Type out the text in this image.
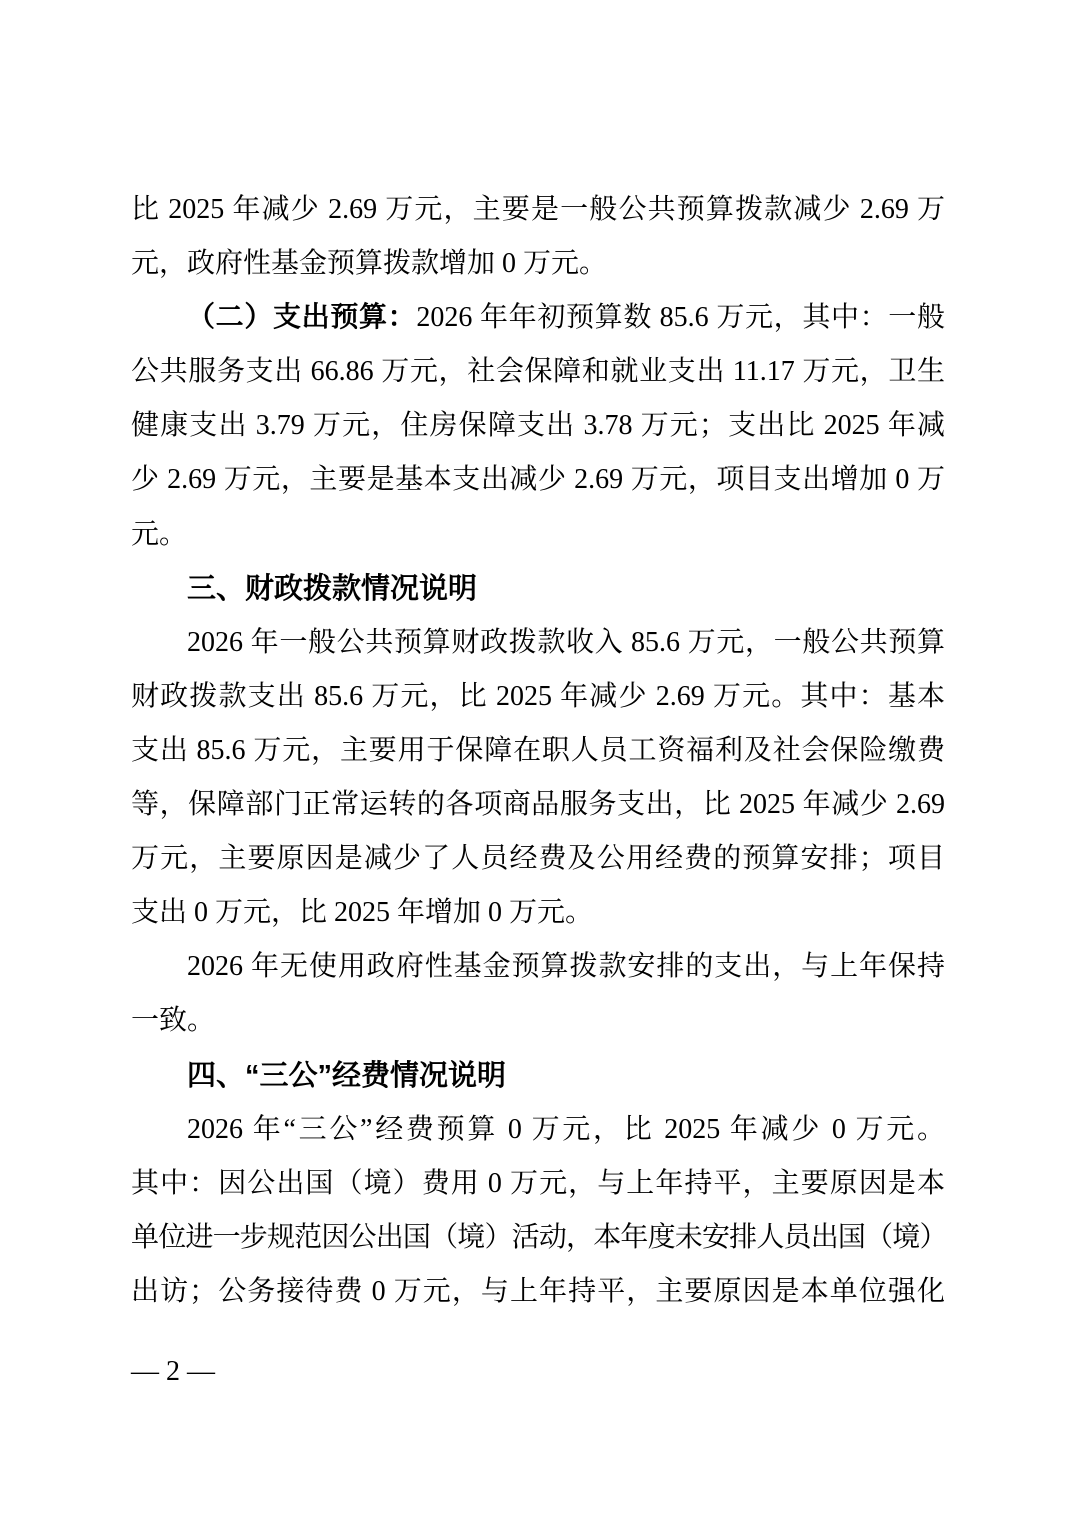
比 2025 年减少 2.69 万元，主要是一般公共预算拨款减少 2.69 万
元，政府性基金预算拨款增加 0 万元。
（二）支出预算：2026 年年初预算数 85.6 万元，其中：一般
公共服务支出 66.86 万元，社会保障和就业支出 11.17 万元，卫生
健康支出 3.79 万元，住房保障支出 3.78 万元；支出比 2025 年减
少 2.69 万元，主要是基本支出减少 2.69 万元，项目支出增加 0 万
元。
三、财政拨款情况说明
2026 年一般公共预算财政拨款收入 85.6 万元，一般公共预算
财政拨款支出 85.6 万元，比 2025 年减少 2.69 万元。其中：基本
支出 85.6 万元，主要用于保障在职人员工资福利及社会保险缴费
等，保障部门正常运转的各项商品服务支出，比 2025 年减少 2.69
万元，主要原因是减少了人员经费及公用经费的预算安排；项目
支出 0 万元，比 2025 年增加 0 万元。
2026 年无使用政府性基金预算拨款安排的支出，与上年保持
一致。
四、“三公”经费情况说明
2026 年“三公”经费预算 0 万元，比 2025 年减少 0 万元。
其中：因公出国（境）费用 0 万元，与上年持平，主要原因是本
单位进一步规范因公出国（境）活动，本年度未安排人员出国（境）
出访；公务接待费 0 万元，与上年持平，主要原因是本单位强化
— 2 —
